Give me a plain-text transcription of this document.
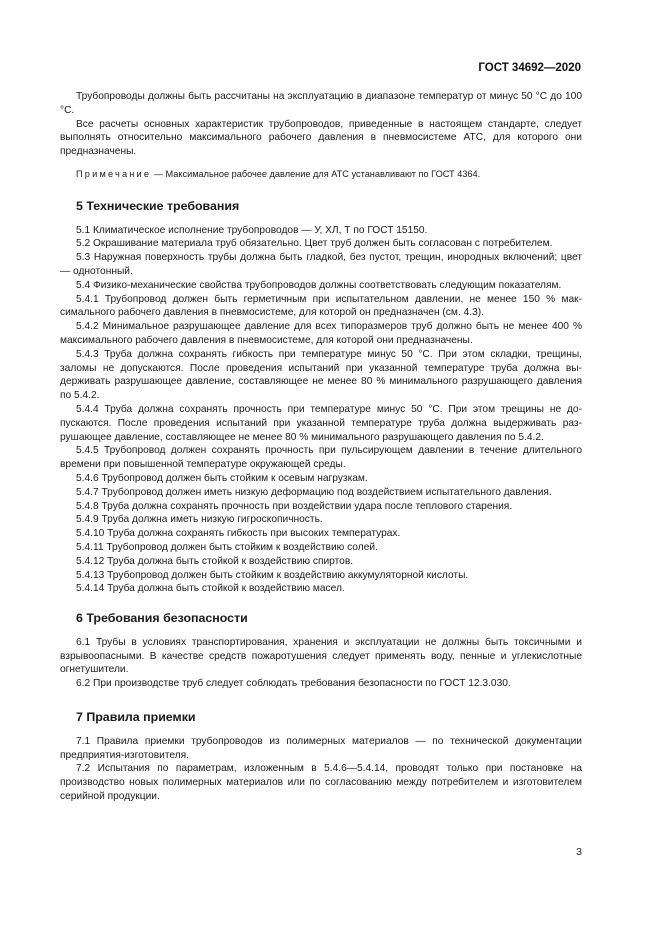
ГОСТ 34692—2020

Трубопроводы должны быть рассчитаны на эксплуатацию в диапазоне температур от минус 50 °С до 100 °С.

Все расчеты основных характеристик трубопроводов, приведенные в настоящем стандарте, следует выполнять относительно максимального рабочего давления в пневмосистеме АТС, для которого они предназначены.

Примечание — Максимальное рабочее давление для АТС устанавливают по ГОСТ 4364.

5 Технические требования

5.1 Климатическое исполнение трубопроводов — У, ХЛ, Т по ГОСТ 15150.

5.2 Окрашивание материала труб обязательно. Цвет труб должен быть согласован с потребителем.

5.3 Наружная поверхность трубы должна быть гладкой, без пустот, трещин, инородных включений; цвет — однотонный.

5.4 Физико-механические свойства трубопроводов должны соответствовать следующим показателям.

5.4.1 Трубопровод должен быть герметичным при испытательном давлении, не менее 150 % максимального рабочего давления в пневмосистеме, для которой он предназначен (см. 4.3).

5.4.2 Минимальное разрушающее давление для всех типоразмеров труб должно быть не менее 400 % максимального рабочего давления в пневмосистеме, для которой они предназначены.

5.4.3 Труба должна сохранять гибкость при температуре минус 50 °С. При этом складки, трещины, заломы не допускаются. После проведения испытаний при указанной температуре труба должна выдерживать разрушающее давление, составляющее не менее 80 % минимального разрушающего давления по 5.4.2.

5.4.4 Труба должна сохранять прочность при температуре минус 50 °С. При этом трещины не допускаются. После проведения испытаний при указанной температуре труба должна выдерживать разрушающее давление, составляющее не менее 80 % минимального разрушающего давления по 5.4.2.

5.4.5 Трубопровод должен сохранять прочность при пульсирующем давлении в течение длительного времени при повышенной температуре окружающей среды.

5.4.6 Трубопровод должен быть стойким к осевым нагрузкам.

5.4.7 Трубопровод должен иметь низкую деформацию под воздействием испытательного давления.

5.4.8 Труба должна сохранять прочность при воздействии удара после теплового старения.

5.4.9 Труба должна иметь низкую гигроскопичность.

5.4.10 Труба должна сохранять гибкость при высоких температурах.

5.4.11 Трубопровод должен быть стойким к воздействию солей.

5.4.12 Труба должна быть стойкой к воздействию спиртов.

5.4.13 Трубопровод должен быть стойким к воздействию аккумуляторной кислоты.

5.4.14 Труба должна быть стойкой к воздействию масел.

6 Требования безопасности

6.1 Трубы в условиях транспортирования, хранения и эксплуатации не должны быть токсичными и взрывоопасными. В качестве средств пожаротушения следует применять воду, пенные и углекислотные огнетушители.

6.2 При производстве труб следует соблюдать требования безопасности по ГОСТ 12.3.030.

7 Правила приемки

7.1 Правила приемки трубопроводов из полимерных материалов — по технической документации предприятия-изготовителя.

7.2 Испытания по параметрам, изложенным в 5.4.6—5.4.14, проводят только при постановке на производство новых полимерных материалов или по согласованию между потребителем и изготовителем серийной продукции.

3
